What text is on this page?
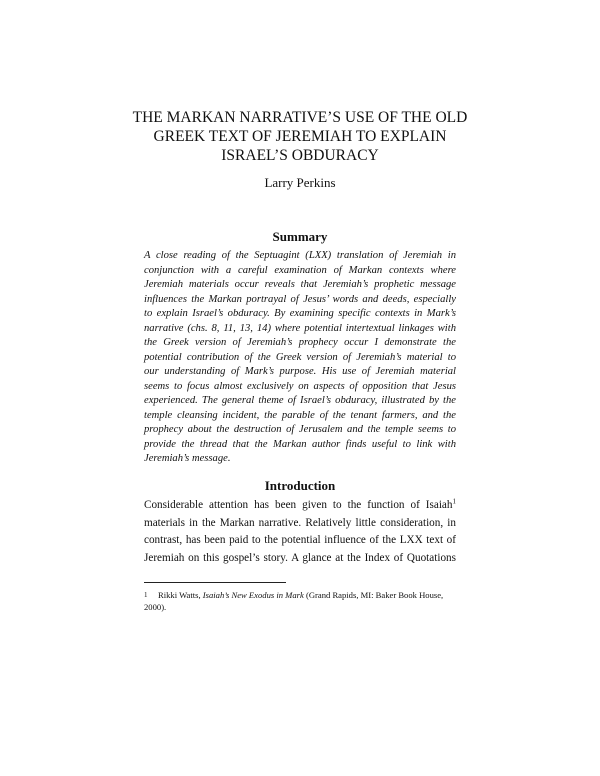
THE MARKAN NARRATIVE’S USE OF THE OLD
GREEK TEXT OF JEREMIAH TO EXPLAIN
ISRAEL’S OBDURACY
Larry Perkins
Summary
A close reading of the Septuagint (LXX) translation of Jeremiah in
conjunction with a careful examination of Markan contexts where
Jeremiah materials occur reveals that Jeremiah’s prophetic message
influences the Markan portrayal of Jesus’ words and deeds, especially
to explain Israel’s obduracy. By examining specific contexts in Mark’s
narrative (chs. 8, 11, 13, 14) where potential intertextual linkages with
the Greek version of Jeremiah’s prophecy occur I demonstrate the
potential contribution of the Greek version of Jeremiah’s material to
our understanding of Mark’s purpose. His use of Jeremiah material
seems to focus almost exclusively on aspects of opposition that Jesus
experienced. The general theme of Israel’s obduracy, illustrated by the
temple cleansing incident, the parable of the tenant farmers, and the
prophecy about the destruction of Jerusalem and the temple seems to
provide the thread that the Markan author finds useful to link with
Jeremiah’s message.
Introduction
Considerable attention has been given to the function of Isaiah$^1$
materials in the Markan narrative. Relatively little consideration, in
contrast, has been paid to the potential influence of the LXX text of
Jeremiah on this gospel’s story. A glance at the Index of Quotations
1 Rikki Watts, Isaiah’s New Exodus in Mark (Grand Rapids, MI: Baker Book House,
2000).
